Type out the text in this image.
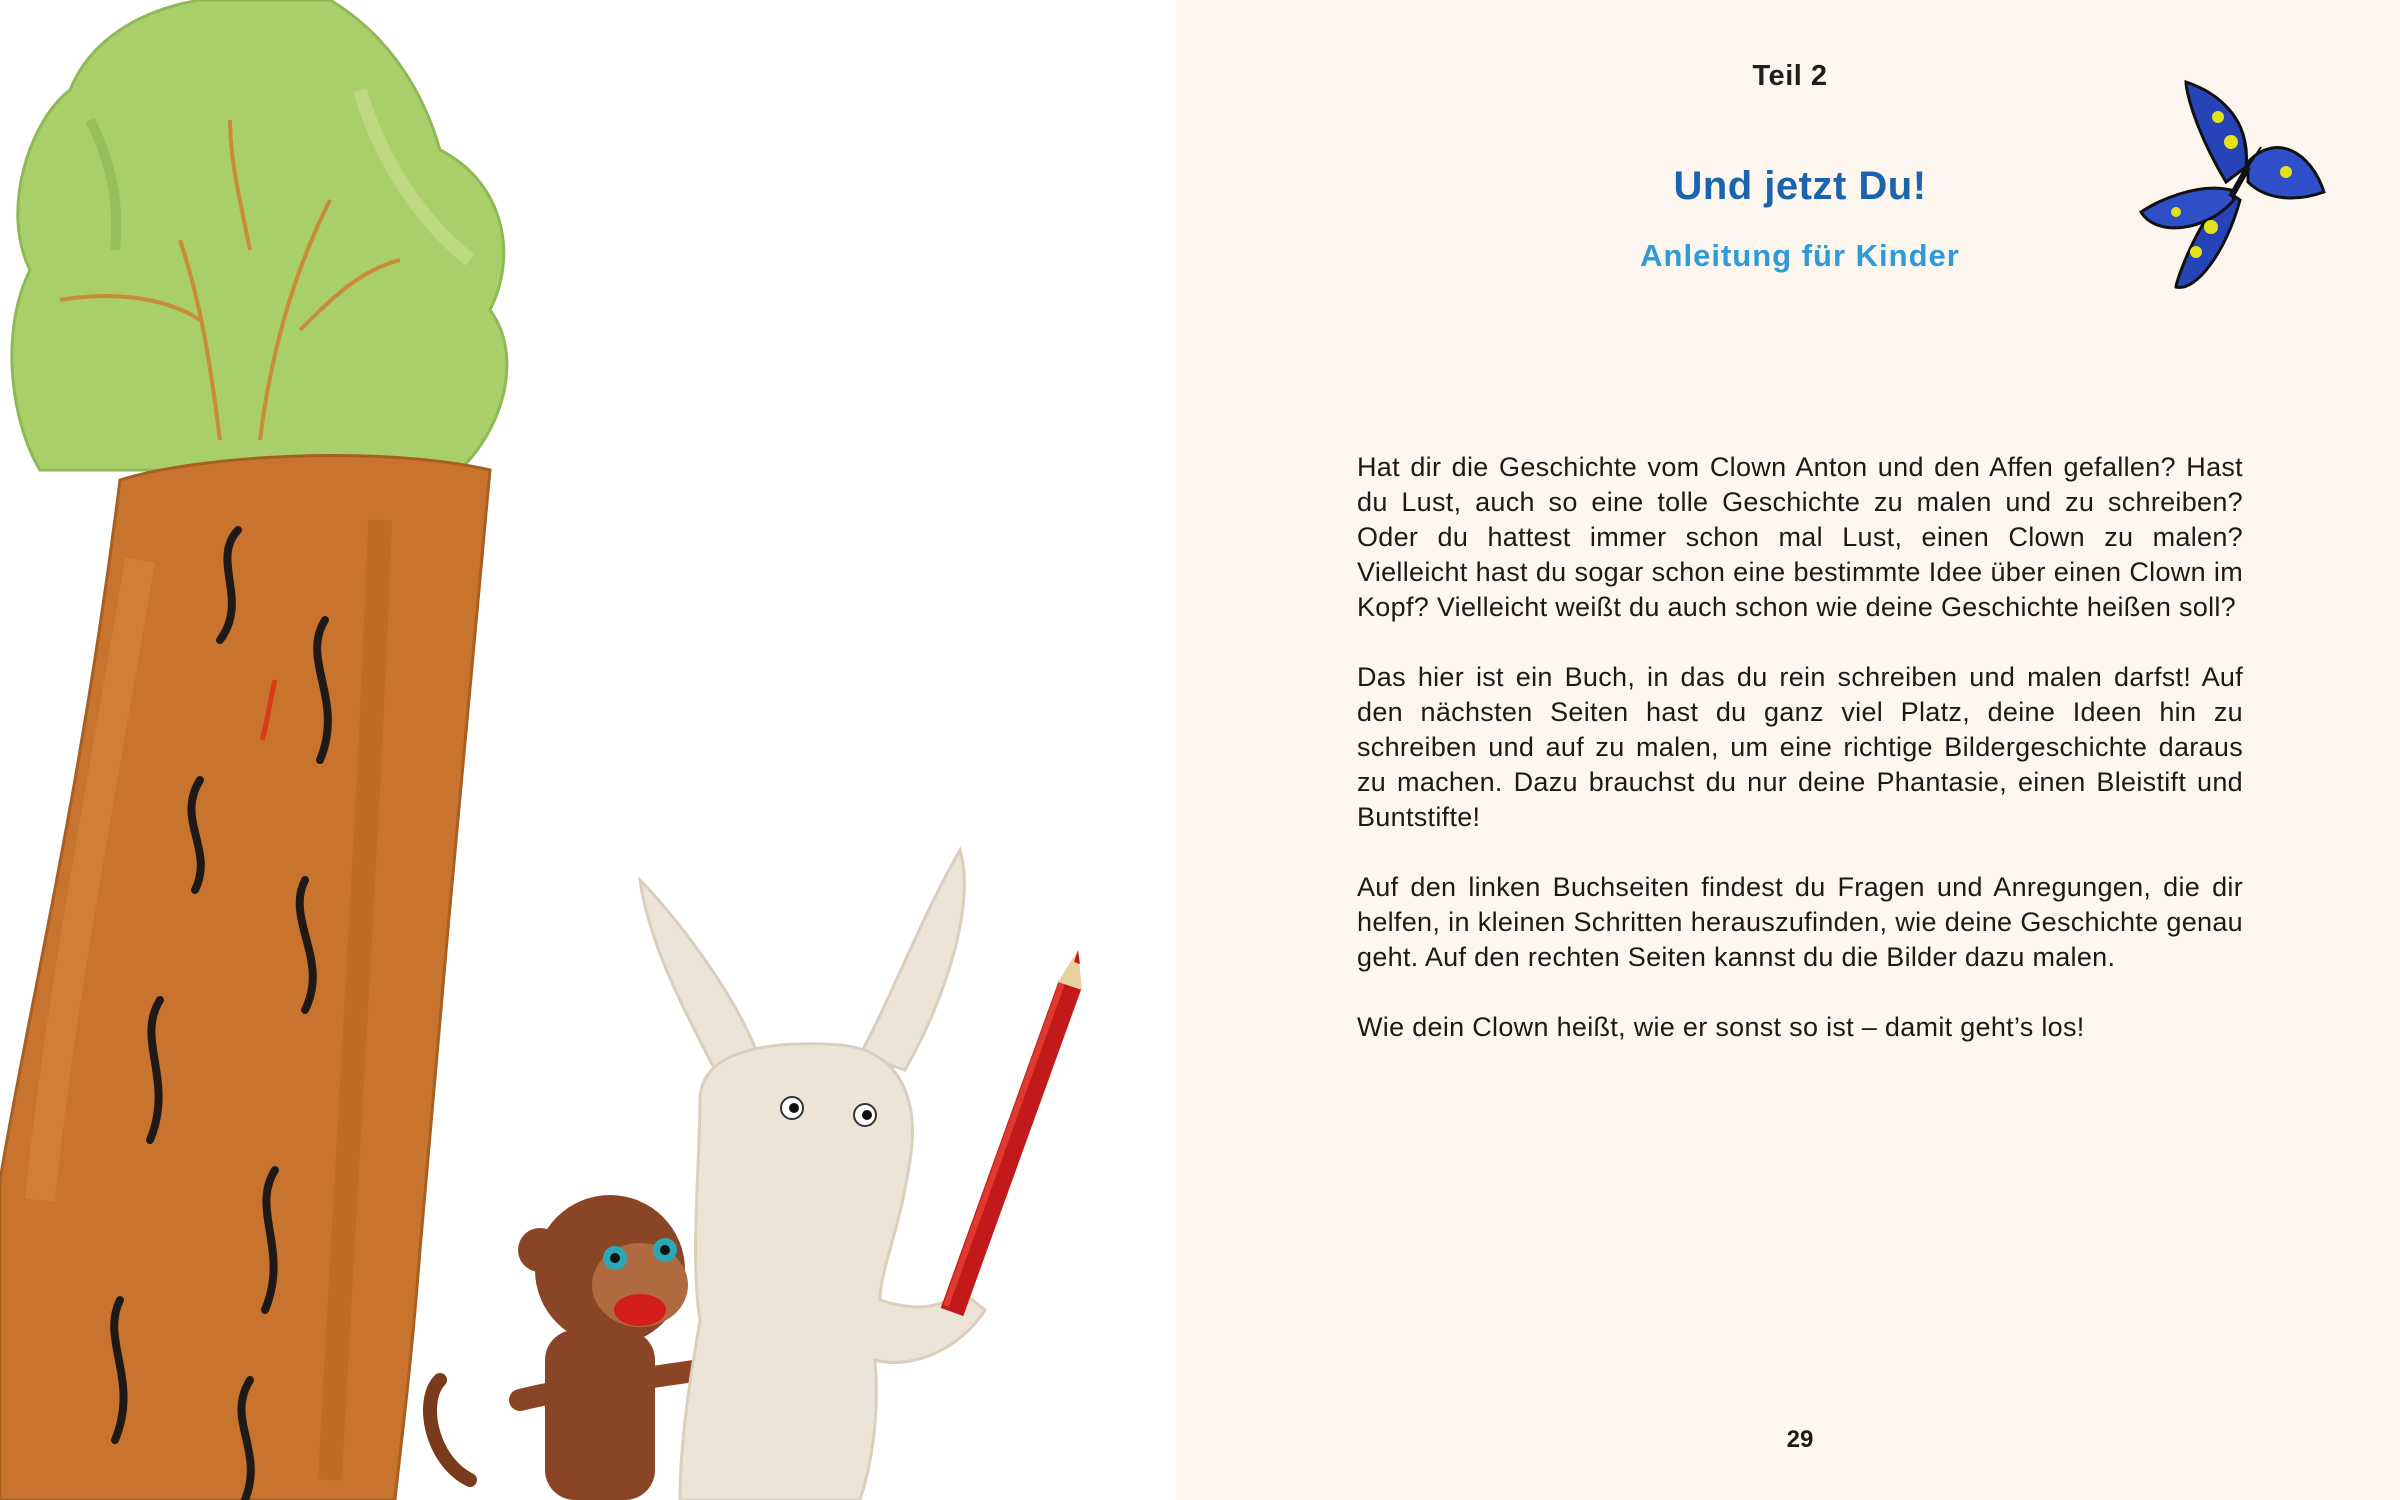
Teil 2
Und jetzt Du!
Anleitung für Kinder

Hat dir die Geschichte vom Clown Anton und den Affen gefallen? Hast du Lust, auch so eine tolle Geschichte zu malen und zu schreiben? Oder du hattest immer schon mal Lust, einen Clown zu malen? Vielleicht hast du sogar schon eine bestimmte Idee über einen Clown im Kopf? Vielleicht weißt du auch schon wie deine Geschichte heißen soll?

Das hier ist ein Buch, in das du rein schreiben und malen darfst! Auf den nächsten Seiten hast du ganz viel Platz, deine Ideen hin zu schreiben und auf zu malen, um eine richtige Bildergeschichte daraus zu machen. Dazu brauchst du nur deine Phantasie, einen Bleistift und Buntstifte!

Auf den linken Buchseiten findest du Fragen und Anregungen, die dir helfen, in kleinen Schritten herauszufinden, wie deine Geschichte genau geht. Auf den rechten Seiten kannst du die Bilder dazu malen.

Wie dein Clown heißt, wie er sonst so ist – damit geht’s los!

29
